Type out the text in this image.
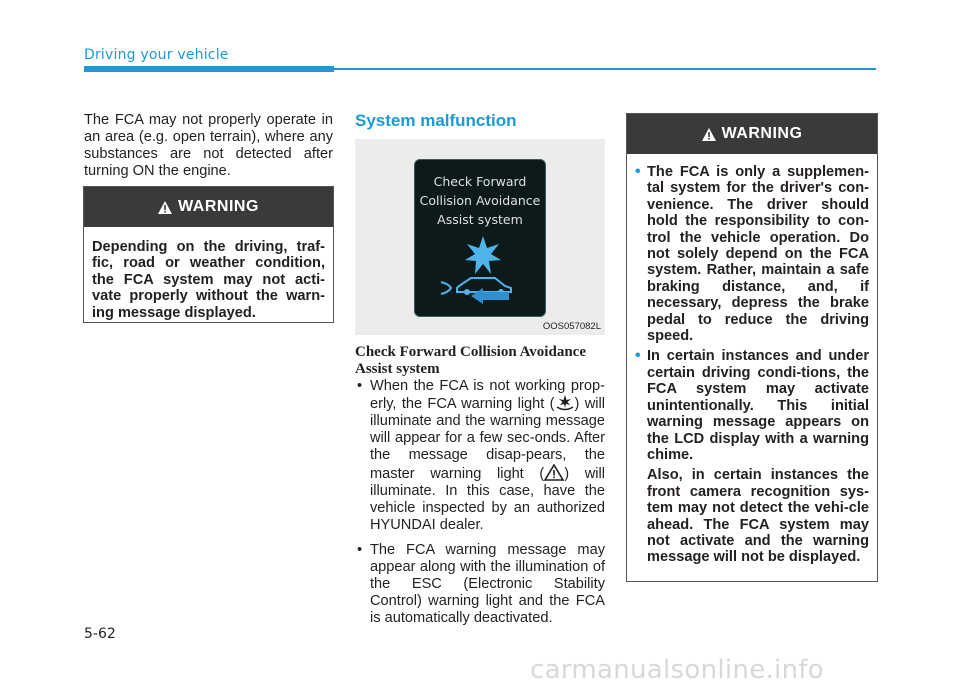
Driving your vehicle
The FCA may not properly operate in an area (e.g. open terrain), where any substances are not detected after turning ON the engine.
WARNING
Depending on the driving, traf-fic, road or weather condition, the FCA system may not acti-vate properly without the warn-ing message displayed.
System malfunction
Check Forward
Collision Avoidance
Assist system
OOS057082L
Check Forward Collision Avoidance Assist system
• When the FCA is not working prop-erly, the FCA warning light ( ) will illuminate and the warning message will appear for a few sec-onds. After the message disap-pears, the master warning light ( ) will illuminate. In this case, have the vehicle inspected by an authorized HYUNDAI dealer.
• The FCA warning message may appear along with the illumination of the ESC (Electronic Stability Control) warning light and the FCA is automatically deactivated.
WARNING
• The FCA is only a supplemen-tal system for the driver's con-venience. The driver should hold the responsibility to con-trol the vehicle operation. Do not solely depend on the FCA system. Rather, maintain a safe braking distance, and, if necessary, depress the brake pedal to reduce the driving speed.
• In certain instances and under certain driving condi-tions, the FCA system may activate unintentionally. This initial warning message appears on the LCD display with a warning chime.
Also, in certain instances the front camera recognition sys-tem may not detect the vehi-cle ahead. The FCA system may not activate and the warning message will not be displayed.
5-62
carmanualsonline.info
